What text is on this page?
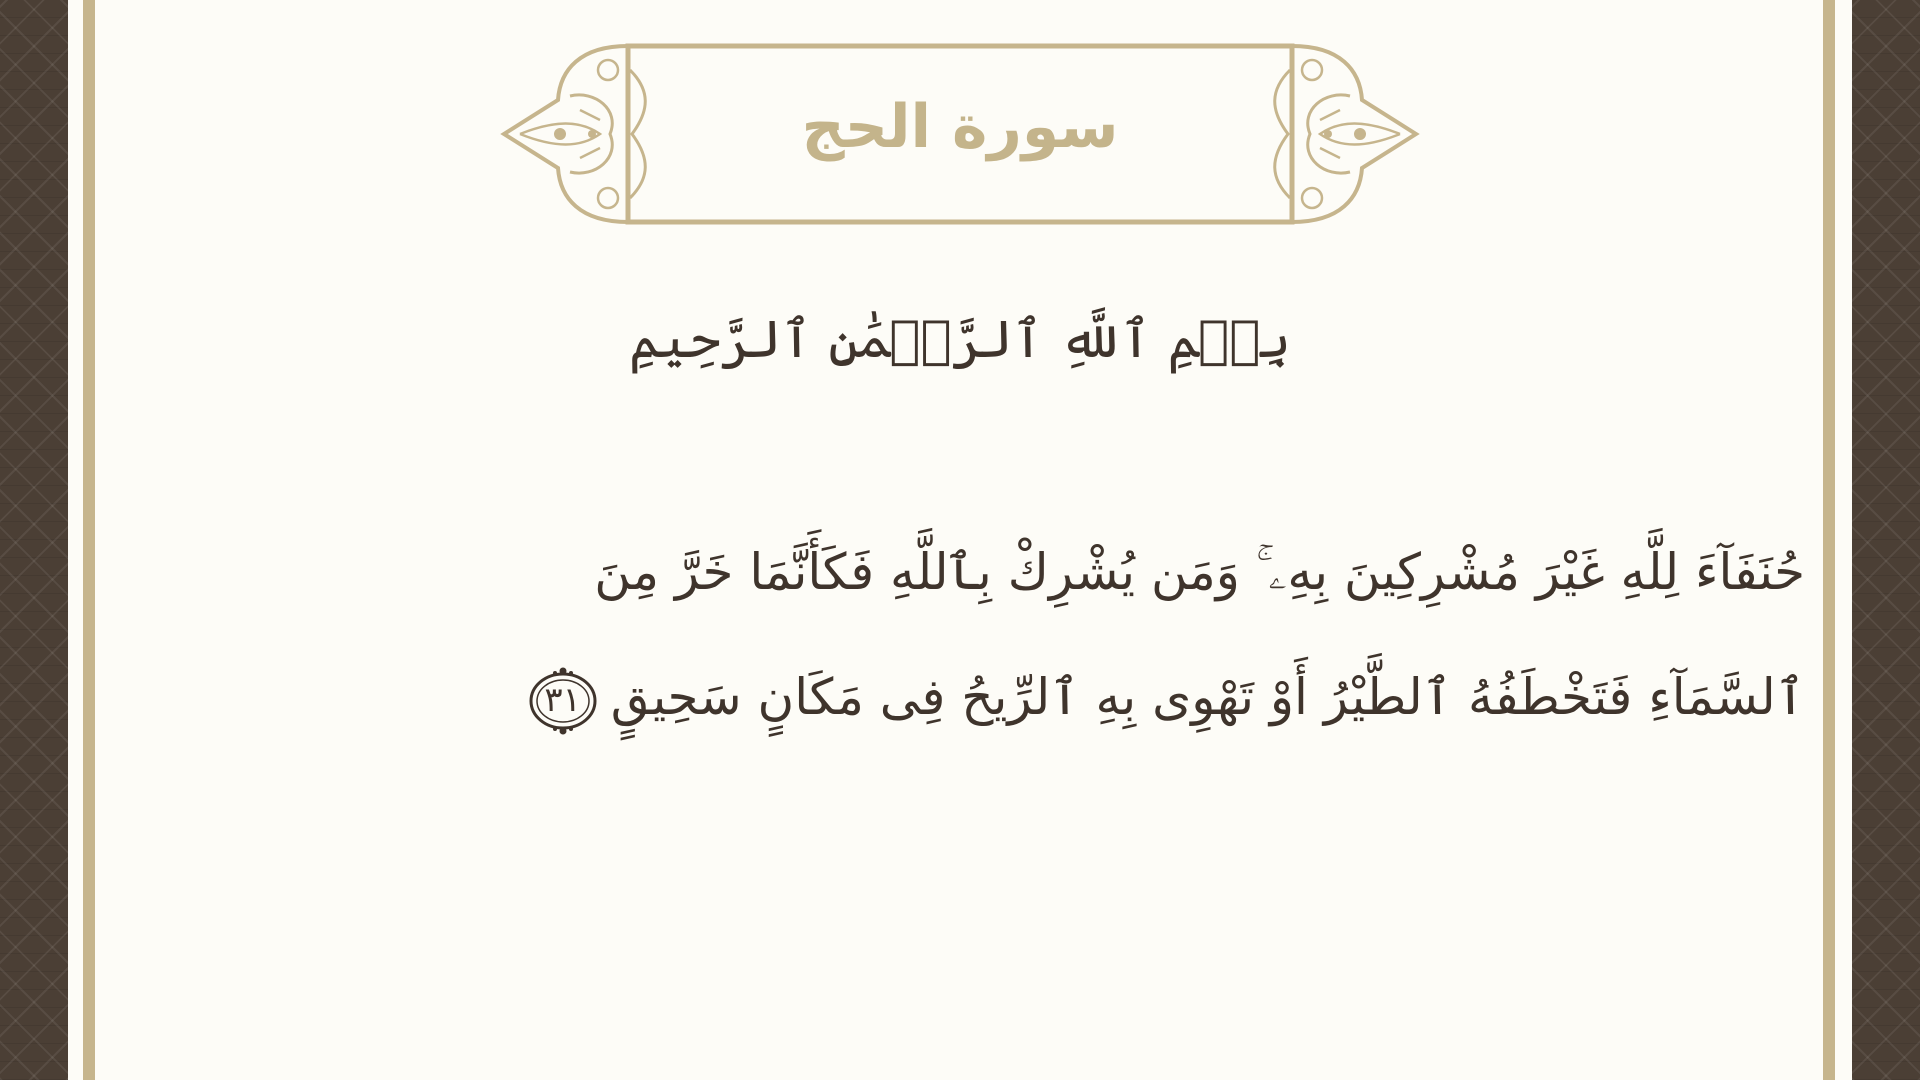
سورة الحج
بِسۡمِ ٱللَّهِ ٱلرَّحۡمَٰنِ ٱلرَّحِيمِ
حُنَفَآءَ لِلَّهِ غَيْرَ مُشْرِكِينَ بِهِۦ ۚ وَمَن يُشْرِكْ بِٱللَّهِ فَكَأَنَّمَا خَرَّ مِنَ
ٱلسَّمَآءِ فَتَخْطَفُهُ ٱلطَّيْرُ أَوْ تَهْوِى بِهِ ٱلرِّيحُ فِى مَكَانٍ سَحِيقٍ
٣١
